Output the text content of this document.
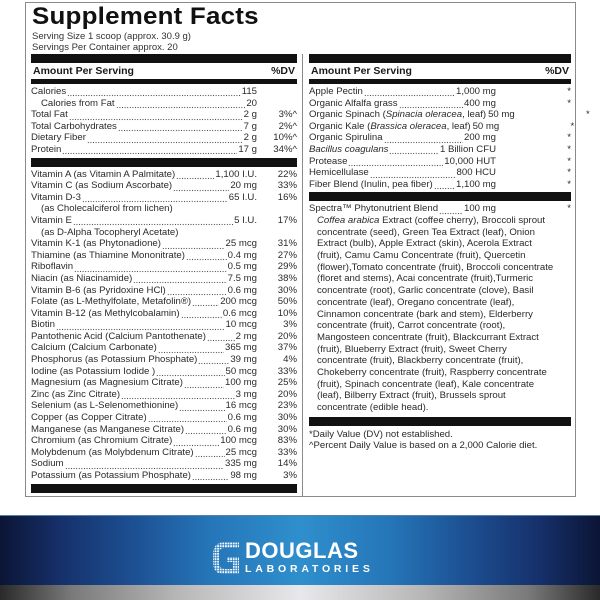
Supplement Facts
Serving Size 1 scoop (approx. 30.9 g)
Servings Per Container approx. 20
Amount Per Serving	%DV
Calories	115
Calories from Fat	20
Total Fat	2 g	3%^
Total Carbohydrates	7 g	2%^
Dietary Fiber	2 g	10%^
Protein	17 g	34%^
Vitamin A (as Vitamin A Palmitate)	1,100 I.U.	22%
Vitamin C (as Sodium Ascorbate)	20 mg	33%
Vitamin D-3	65 I.U.	16%
(as Cholecalciferol from lichen)
Vitamin E	5 I.U.	17%
(as D-Alpha Tocopheryl Acetate)
Vitamin K-1 (as Phytonadione)	25 mcg	31%
Thiamine (as Thiamine Mononitrate)	0.4 mg	27%
Riboflavin	0.5 mg	29%
Niacin (as Niacinamide)	7.5 mg	38%
Vitamin B-6 (as Pyridoxine HCl)	0.6 mg	30%
Folate (as L-Methylfolate, Metafolin®)	200 mcg	50%
Vitamin B-12 (as Methylcobalamin)	0.6 mcg	10%
Biotin	10 mcg	3%
Pantothenic Acid (Calcium Pantothenate)	2 mg	20%
Calcium (Calcium Carbonate)	365 mg	37%
Phosphorus (as Potassium Phosphate)	39 mg	4%
Iodine (as Potassium Iodide )	50 mcg	33%
Magnesium (as Magnesium Citrate)	100 mg	25%
Zinc (as Zinc Citrate)	3 mg	20%
Selenium (as L-Selenomethionine)	16 mcg	23%
Copper (as Copper Citrate)	0.6 mg	30%
Manganese (as Manganese Citrate)	0.6 mg	30%
Chromium (as Chromium Citrate)	100 mcg	83%
Molybdenum (as Molybdenum Citrate)	25 mcg	33%
Sodium	335 mg	14%
Potassium (as Potassium Phosphate)	98 mg	3%
Amount Per Serving	%DV
Apple Pectin	1,000 mg	*
Organic Alfalfa grass	400 mg	*
Organic Spinach (Spinacia oleracea, leaf) 50 mg	*
Organic Kale (Brassica oleracea, leaf) 50 mg	*
Organic Spirulina	200 mg	*
Bacillus coagulans	1 Billion CFU	*
Protease	10,000 HUT	*
Hemicellulase	800 HCU	*
Fiber Blend (Inulin, pea fiber) 1,100 mg	*
Spectra™ Phytonutrient Blend	100 mg	*
Coffea arabica Extract (coffee cherry), Broccoli sprout concentrate (seed), Green Tea Extract (leaf), Onion Extract (bulb), Apple Extract (skin), Acerola Extract (fruit), Camu Camu Concentrate (fruit), Quercetin (flower),Tomato concentrate (fruit), Broccoli concentrate (floret and stems), Acai concentrate (fruit),Turmeric concentrate (root), Garlic concentrate (clove), Basil concentrate (leaf), Oregano concentrate (leaf), Cinnamon concentrate (bark and stem), Elderberry concentrate (fruit), Carrot concentrate (root), Mangosteen concentrate (fruit), Blackcurrant Extract (fruit), Blueberry Extract (fruit), Sweet Cherry concentrate (fruit), Blackberry concentrate (fruit), Chokeberry concentrate (fruit), Raspberry concentrate (fruit), Spinach concentrate (leaf), Kale concentrate (leaf), Bilberry Extract (fruit), Brussels sprout concentrate (edible head).
*Daily Value (DV) not established.
^Percent Daily Value is based on a 2,000 Calorie diet.
DOUGLAS
LABORATORIES
